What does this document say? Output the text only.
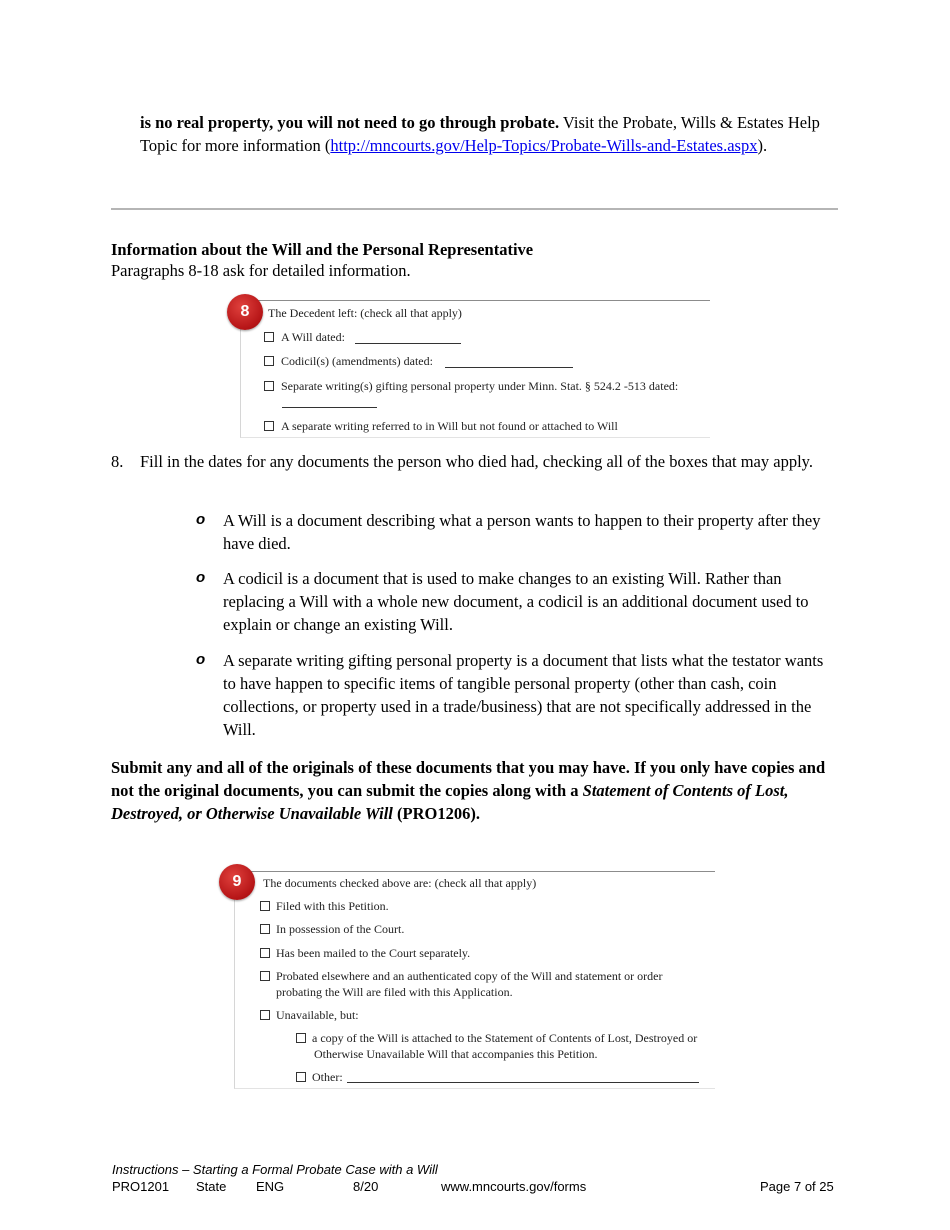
is no real property, you will not need to go through probate. Visit the Probate, Wills & Estates Help Topic for more information (http://mncourts.gov/Help-Topics/Probate-Wills-and-Estates.aspx).
Information about the Will and the Personal Representative
Paragraphs 8-18 ask for detailed information.
8	The Decedent left: (check all that apply)
A Will dated:
Codicil(s) (amendments) dated:
Separate writing(s) gifting personal property under Minn. Stat. § 524.2 -513 dated:
A separate writing referred to in Will but not found or attached to Will
8. Fill in the dates for any documents the person who died had, checking all of the boxes that may apply.
o A Will is a document describing what a person wants to happen to their property after they have died.
o A codicil is a document that is used to make changes to an existing Will. Rather than replacing a Will with a whole new document, a codicil is an additional document used to explain or change an existing Will.
o A separate writing gifting personal property is a document that lists what the testator wants to have happen to specific items of tangible personal property (other than cash, coin collections, or property used in a trade/business) that are not specifically addressed in the Will.
Submit any and all of the originals of these documents that you may have. If you only have copies and not the original documents, you can submit the copies along with a Statement of Contents of Lost, Destroyed, or Otherwise Unavailable Will (PRO1206).
9	The documents checked above are: (check all that apply)
Filed with this Petition.
In possession of the Court.
Has been mailed to the Court separately.
Probated elsewhere and an authenticated copy of the Will and statement or order
probating the Will are filed with this Application.
Unavailable, but:
a copy of the Will is attached to the Statement of Contents of Lost, Destroyed or
Otherwise Unavailable Will that accompanies this Petition.
Other:
Instructions – Starting a Formal Probate Case with a Will
PRO1201 State ENG	8/20	www.mncourts.gov/forms	Page 7 of 25
